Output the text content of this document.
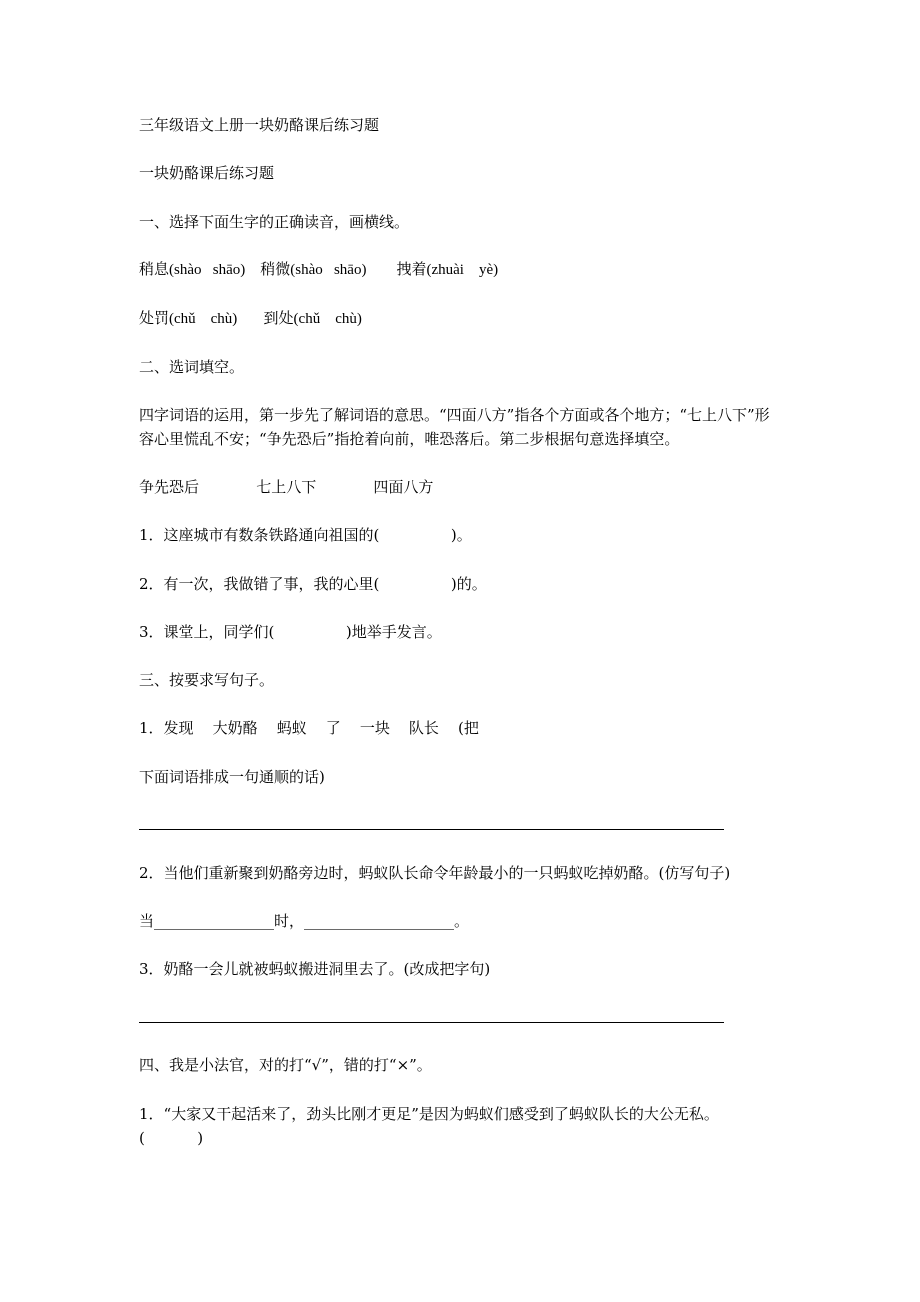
三年级语文上册一块奶酪课后练习题
一块奶酪课后练习题
一、选择下面生字的正确读音，画横线。
稍息(shào   shāo)    稍微(shào   shāo)        拽着(zhuài    yè)
处罚(chǔ    chù)       到处(chǔ    chù)
二、选词填空。
四字词语的运用，第一步先了解词语的意思。“四面八方”指各个方面或各个地方；“七上八下”形容心里慌乱不安；“争先恐后”指抢着向前，唯恐落后。第二步根据句意选择填空。
争先恐后            七上八下            四面八方
1．这座城市有数条铁路通向祖国的(               )。
2．有一次，我做错了事，我的心里(               )的。
3．课堂上，同学们(               )地举手发言。
三、按要求写句子。
1．发现    大奶酪    蚂蚁    了    一块    队长    (把
下面词语排成一句通顺的话)
2．当他们重新聚到奶酪旁边时，蚂蚁队长命令年龄最小的一只蚂蚁吃掉奶酪。(仿写句子)
当________________时，____________________。
3．奶酪一会儿就被蚂蚁搬进洞里去了。(改成把字句)
四、我是小法官，对的打“√”，错的打“×”。
1．“大家又干起活来了，劲头比刚才更足”是因为蚂蚁们感受到了蚂蚁队长的大公无私。
(           )
